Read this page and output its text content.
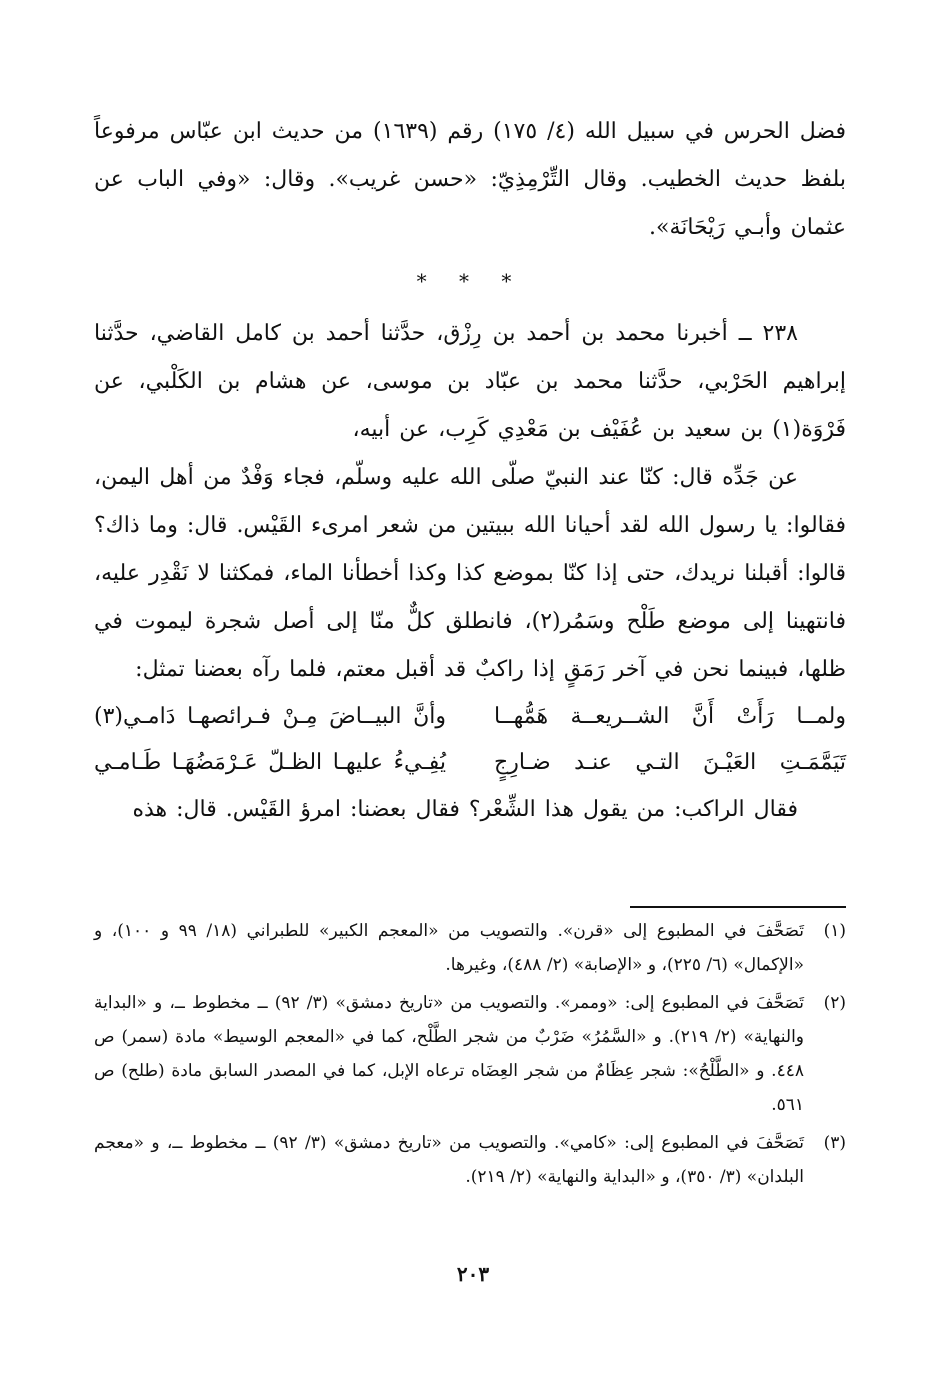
فضل الحرس في سبيل الله (٤/ ١٧٥) رقم (١٦٣٩) من حديث ابن عبّاس مرفوعاً بلفظ حديث الخطيب. وقال التِّرْمِذِيّ: «حسن غريب». وقال: «وفي الباب عن عثمان وأبـي رَيْحَانَة».

* * *

٢٣٨ ــ أخبرنا محمد بن أحمد بن رِزْق، حدَّثنا أحمد بن كامل القاضي، حدَّثنا إبراهيم الحَرْبي، حدَّثنا محمد بن عبّاد بن موسى، عن هشام بن الكَلْبي، عن فَرْوَة(١) بن سعيد بن عُفَيْف بن مَعْدِي كَرِب، عن أبيه،

عن جَدِّه قال: كنّا عند النبيّ صلّى الله عليه وسلّم، فجاء وَفْدٌ من أهل اليمن، فقالوا: يا رسول الله لقد أحيانا الله ببيتين من شعر امرىء القَيْس. قال: وما ذاك؟ قالوا: أقبلنا نريدك، حتى إذا كنّا بموضع كذا وكذا أخطأنا الماء، فمكثنا لا نَقْدِر عليه، فانتهينا إلى موضع طَلْح وسَمُر(٢)، فانطلق كلٌّ منّا إلى أصل شجرة ليموت في ظلها، فبينما نحن في آخر رَمَقٍ إذا راكبٌ قد أقبل معتم، فلما رآه بعضنا تمثل:

ولمــا رَأَتْ أَنَّ الشــريعــة هَمُّهــا
وأنَّ البيــاضَ مِـنْ فـرائصهـا دَامـي(٣)
تَيَمَّمَـتِ العَيْـنَ التـي عنـد ضـارِجٍ
يُفِـيءُ عليهـا الظـلّ عَـرْمَضُهَـا طَـامـي

فقال الراكب: من يقول هذا الشِّعْر؟ فقال بعضنا: امرؤ القَيْس. قال: هذه

(١)
تَصَحَّفَ في المطبوع إلى «قرن». والتصويب من «المعجم الكبير» للطبراني (١٨/ ٩٩ و ١٠٠)، و «الإكمال» (٦/ ٢٢٥)، و «الإصابة» (٢/ ٤٨٨)، وغيرها.
(٢)
تَصَحَّفَ في المطبوع إلى: «وممر». والتصويب من «تاريخ دمشق» (٣/ ٩٢) ــ مخطوط ــ، و «البداية والنهاية» (٢/ ٢١٩). و «السَّمُرُ» ضَرْبٌ من شجر الطَّلْح، كما في «المعجم الوسيط» مادة (سمر) ص ٤٤٨. و «الطَّلْحُ»: شجر عِظَامٌ من شجر العِضَاه ترعاه الإبل، كما في المصدر السابق مادة (طلح) ص ٥٦١.
(٣)
تَصَحَّفَ في المطبوع إلى: «كامي». والتصويب من «تاريخ دمشق» (٣/ ٩٢) ــ مخطوط ــ، و «معجم البلدان» (٣/ ٣٥٠)، و «البداية والنهاية» (٢/ ٢١٩).
٢٠٣
